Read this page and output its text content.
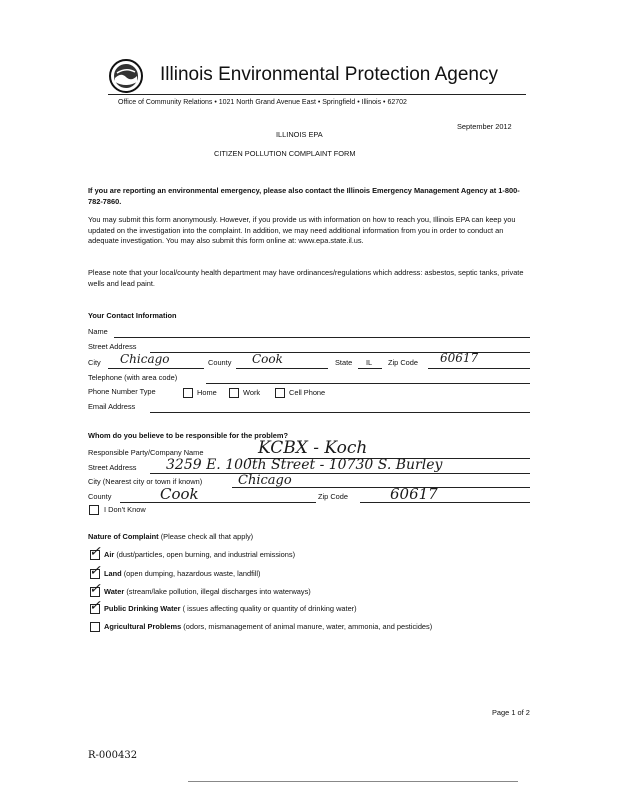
Illinois Environmental Protection Agency
Office of Community Relations • 1021 North Grand Avenue East • Springfield • Illinois • 62702
September 2012
ILLINOIS EPA
CITIZEN POLLUTION COMPLAINT FORM
If you are reporting an environmental emergency, please also contact the Illinois Emergency Management Agency at 1-800-782-7860.
You may submit this form anonymously. However, if you provide us with information on how to reach you, Illinois EPA can keep you updated on the investigation into the complaint. In addition, we may need additional information from you in order to conduct an adequate investigation. You may also submit this form online at: www.epa.state.il.us.
Please note that your local/county health department may have ordinances/regulations which address: asbestos, septic tanks, private wells and lead paint.
Your Contact Information
Name
Street Address
City Chicago	County Cook	State IL Zip Code 60617
Telephone (with area code)
Phone Number Type	Home	Work	Cell Phone
Email Address
Whom do you believe to be responsible for the problem?
Responsible Party/Company Name	KCBX - Koch
Street Address 3259 E. 100th Street - 10730 S. Burley
City (Nearest city or town if known)	Chicago
County	Cook	Zip Code	60617
I Don't Know
Nature of Complaint (Please check all that apply)
✓ Air (dust/particles, open burning, and industrial emissions)
✓ Land (open dumping, hazardous waste, landfill)
✓ Water (stream/lake pollution, illegal discharges into waterways)
✓ Public Drinking Water ( issues affecting quality or quantity of drinking water)
Agricultural Problems (odors, mismanagement of animal manure, water, ammonia, and pesticides)
Page 1 of 2
R-000432
